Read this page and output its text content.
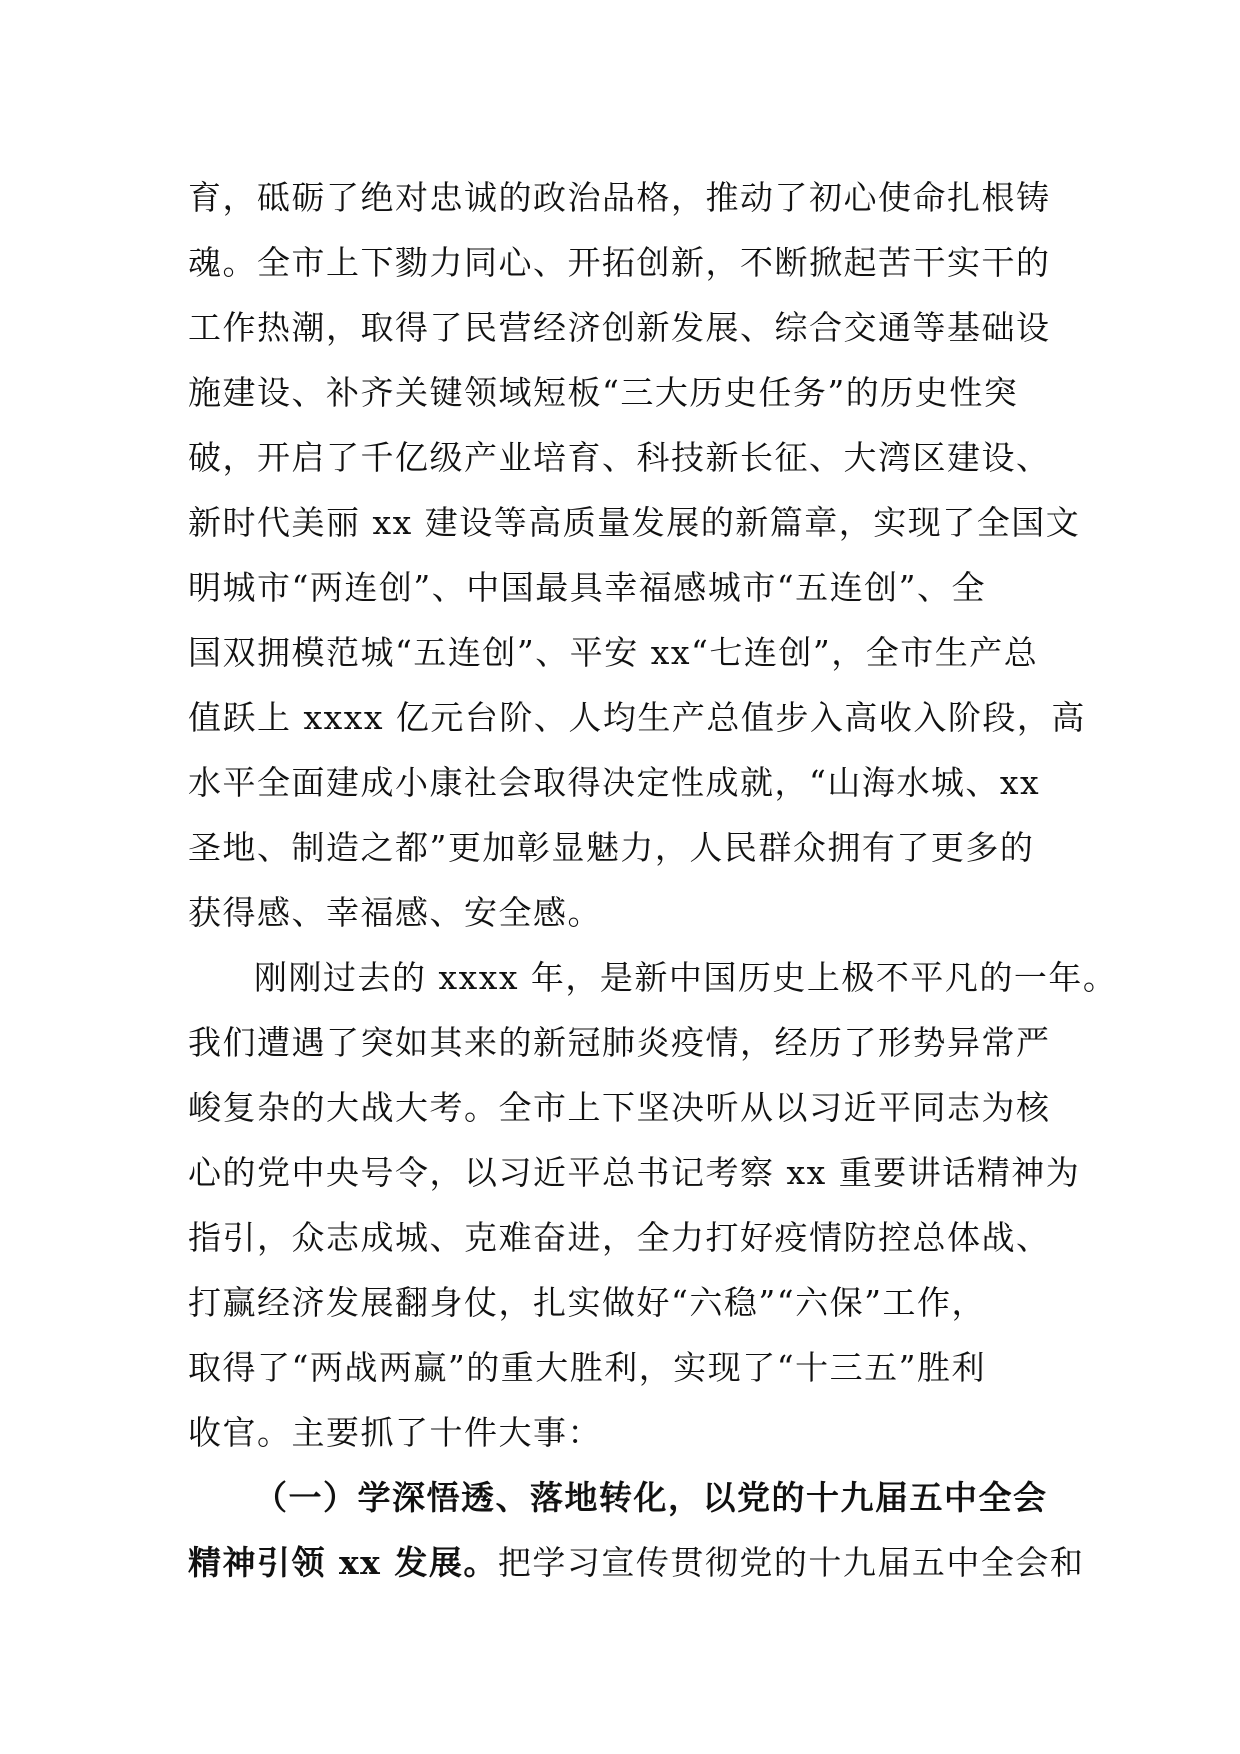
育，砥砺了绝对忠诚的政治品格，推动了初心使命扎根铸
魂。全市上下勠力同心、开拓创新，不断掀起苦干实干的
工作热潮，取得了民营经济创新发展、综合交通等基础设
施建设、补齐关键领域短板“三大历史任务”的历史性突
破，开启了千亿级产业培育、科技新长征、大湾区建设、
新时代美丽 xx 建设等高质量发展的新篇章，实现了全国文
明城市“两连创”、中国最具幸福感城市“五连创”、全
国双拥模范城“五连创”、平安 xx“七连创”，全市生产总
值跃上 xxxx 亿元台阶、人均生产总值步入高收入阶段，高
水平全面建成小康社会取得决定性成就，“山海水城、xx
圣地、制造之都”更加彰显魅力，人民群众拥有了更多的
获得感、幸福感、安全感。
刚刚过去的 xxxx 年，是新中国历史上极不平凡的一年。
我们遭遇了突如其来的新冠肺炎疫情，经历了形势异常严
峻复杂的大战大考。全市上下坚决听从以习近平同志为核
心的党中央号令，以习近平总书记考察 xx 重要讲话精神为
指引，众志成城、克难奋进，全力打好疫情防控总体战、
打赢经济发展翻身仗，扎实做好“六稳”“六保”工作，
取得了“两战两赢”的重大胜利，实现了“十三五”胜利
收官。主要抓了十件大事：
（一）学深悟透、落地转化，以党的十九届五中全会
精神引领 xx 发展。把学习宣传贯彻党的十九届五中全会和
